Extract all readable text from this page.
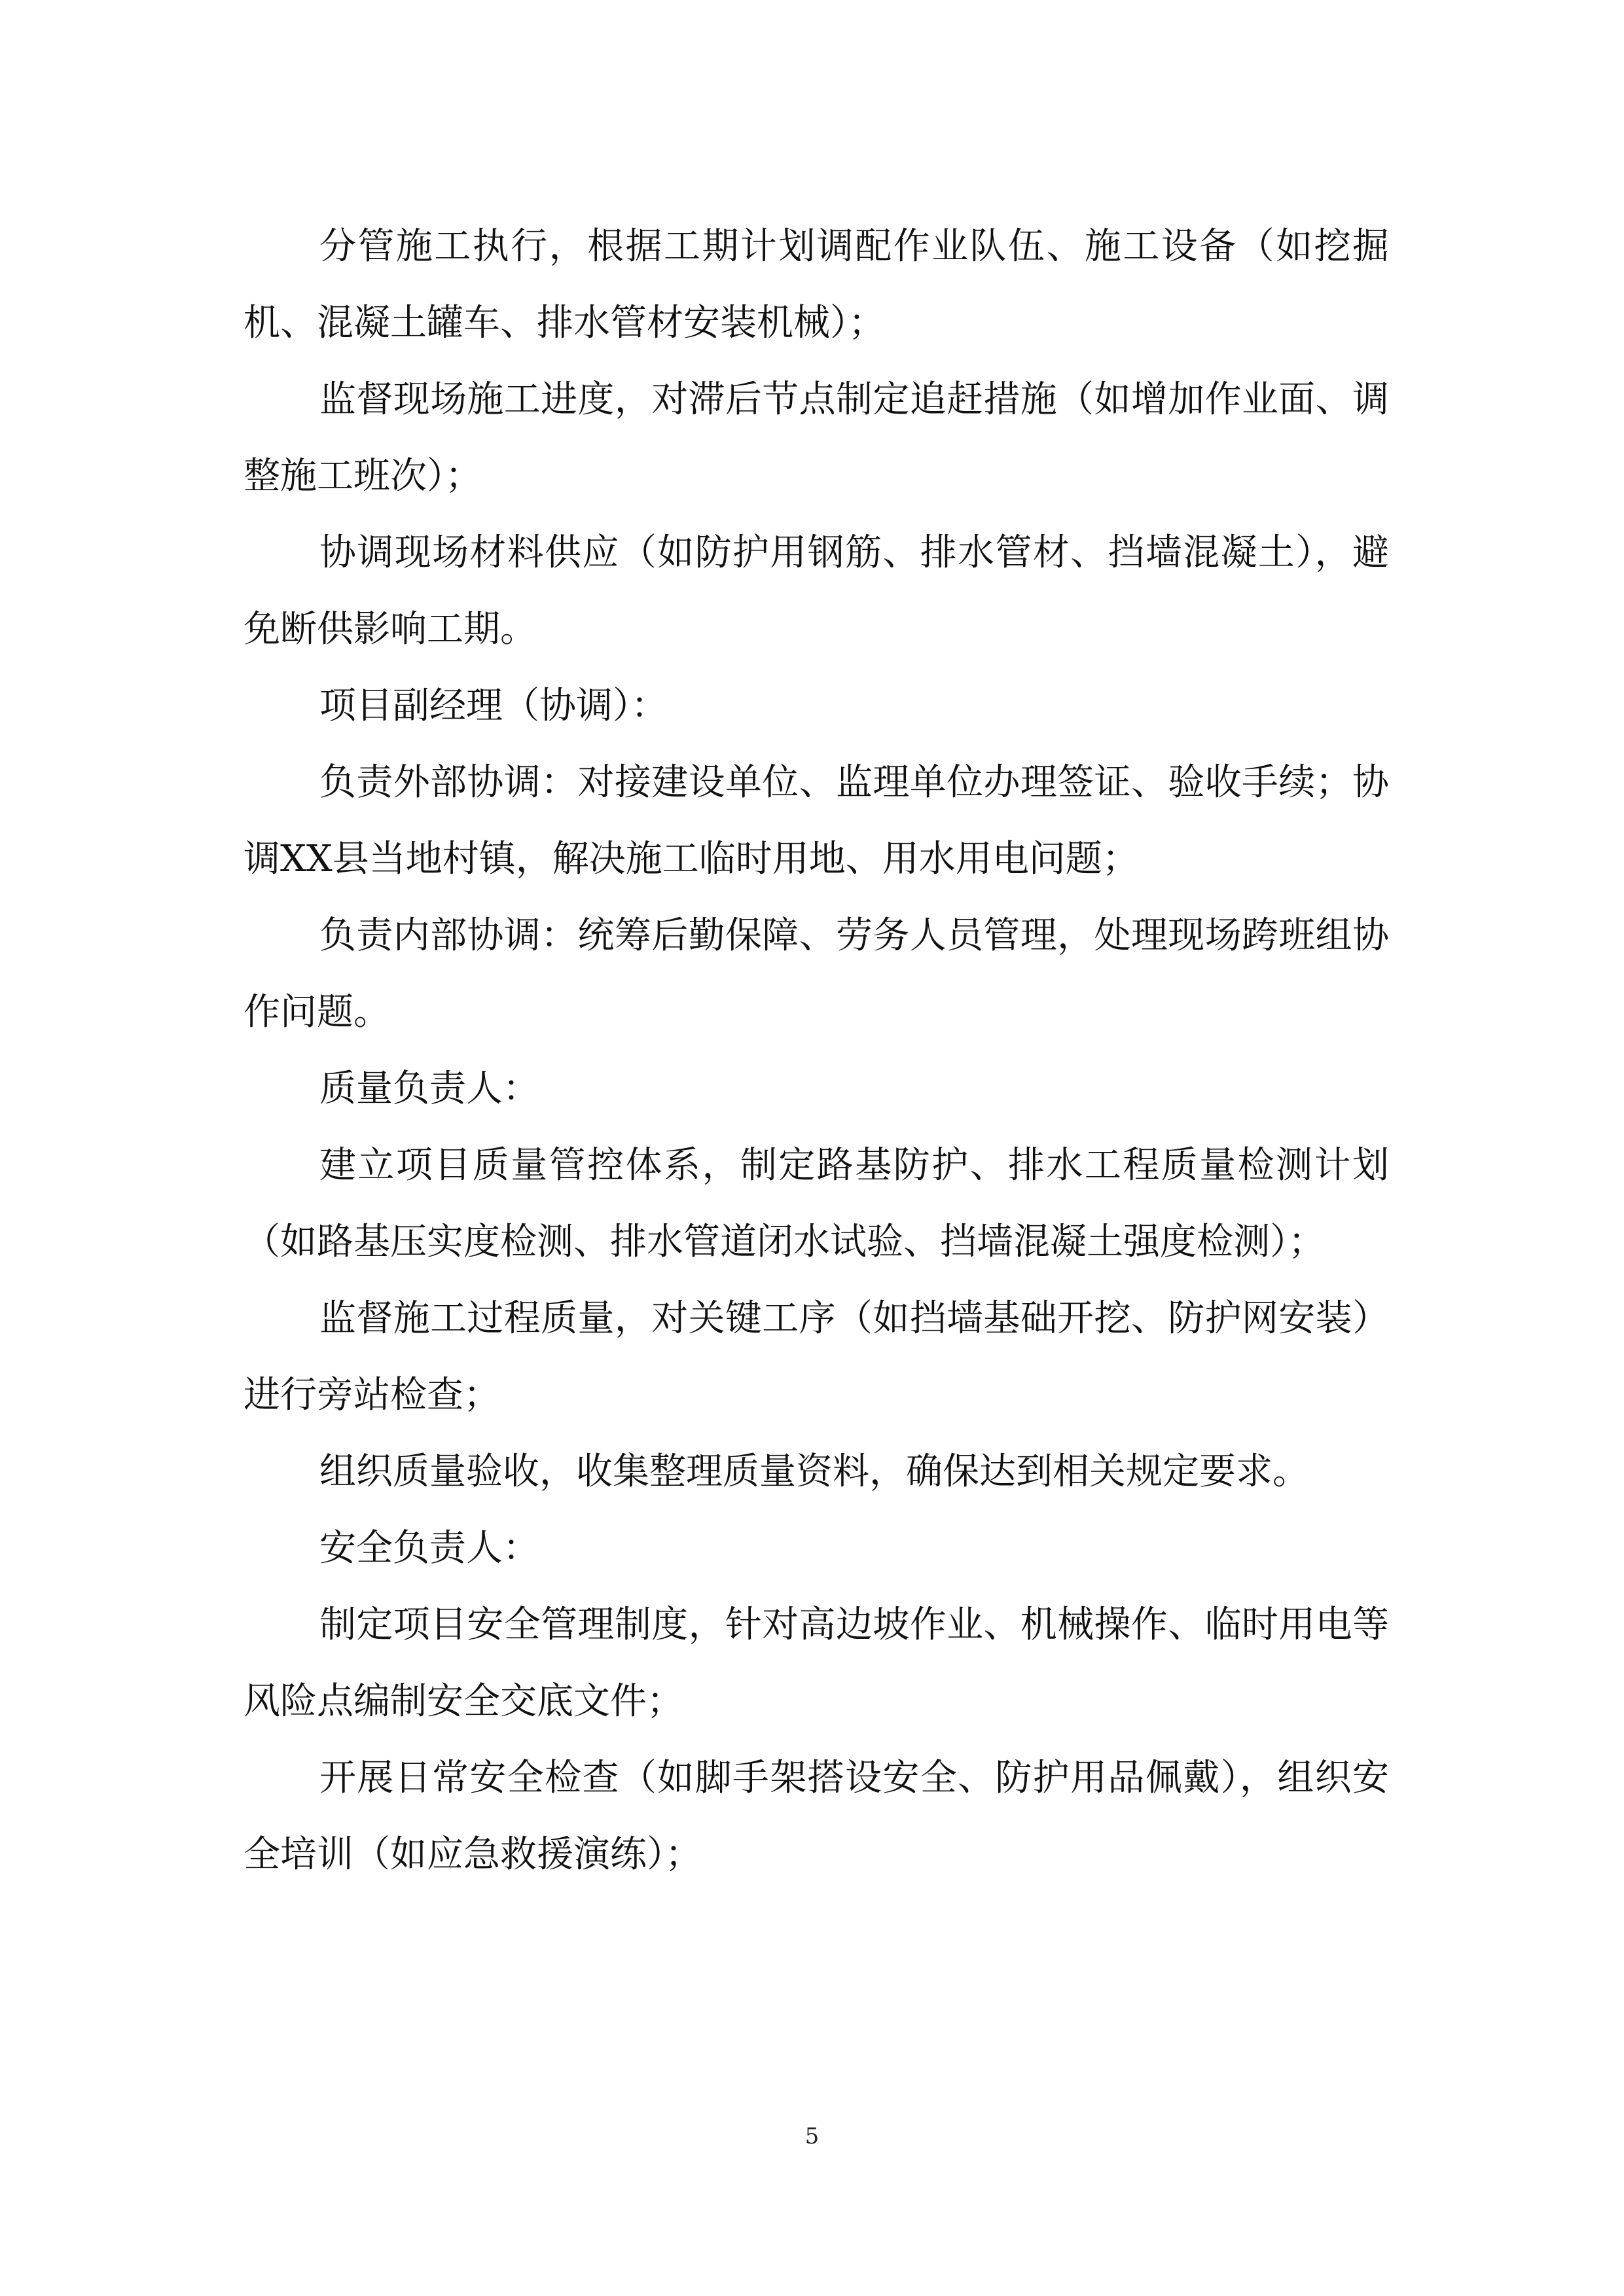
分管施工执行，根据工期计划调配作业队伍、施工设备（如挖掘机、混凝土罐车、排水管材安装机械）；

监督现场施工进度，对滞后节点制定追赶措施（如增加作业面、调整施工班次）；

协调现场材料供应（如防护用钢筋、排水管材、挡墙混凝土），避免断供影响工期。

项目副经理（协调）：

负责外部协调：对接建设单位、监理单位办理签证、验收手续；协调XX县当地村镇，解决施工临时用地、用水用电问题；

负责内部协调：统筹后勤保障、劳务人员管理，处理现场跨班组协作问题。

质量负责人：

建立项目质量管控体系，制定路基防护、排水工程质量检测计划（如路基压实度检测、排水管道闭水试验、挡墙混凝土强度检测）；

监督施工过程质量，对关键工序（如挡墙基础开挖、防护网安装）进行旁站检查；

组织质量验收，收集整理质量资料，确保达到相关规定要求。

安全负责人：

制定项目安全管理制度，针对高边坡作业、机械操作、临时用电等风险点编制安全交底文件；

开展日常安全检查（如脚手架搭设安全、防护用品佩戴），组织安全培训（如应急救援演练）；

5
